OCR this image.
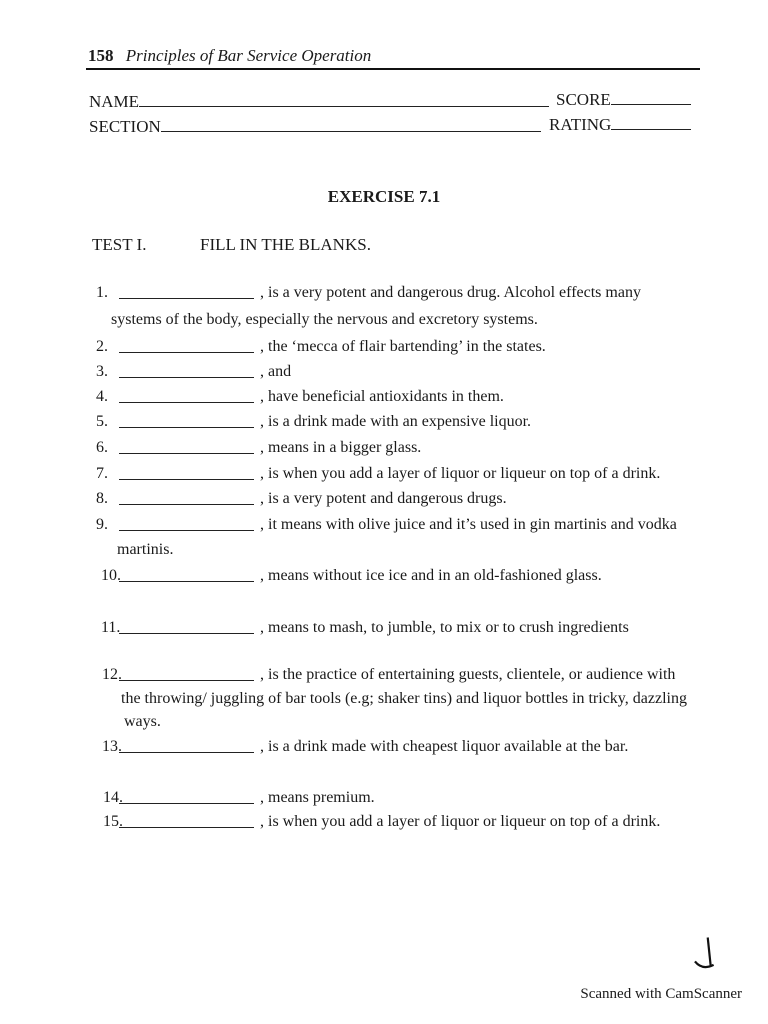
158 Principles of Bar Service Operation
NAME	SCORE
SECTION	RATING
EXERCISE 7.1
TEST I.	FILL IN THE BLANKS.
1.	, is a very potent and dangerous drug. Alcohol effects many
systems of the body, especially the nervous and excretory systems.
2.	, the ‘mecca of flair bartending’ in the states.
3.	, and
4.	, have beneficial antioxidants in them.
5.	, is a drink made with an expensive liquor.
6.	, means in a bigger glass.
7.	, is when you add a layer of liquor or liqueur on top of a drink.
8.	, is a very potent and dangerous drugs.
9.	, it means with olive juice and it’s used in gin martinis and vodka
martinis.
10.	, means without ice ice and in an old-fashioned glass.
11.	, means to mash, to jumble, to mix or to crush ingredients
12.	, is the practice of entertaining guests, clientele, or audience with
the throwing/ juggling of bar tools (e.g; shaker tins) and liquor bottles in tricky, dazzling
ways.
13.	, is a drink made with cheapest liquor available at the bar.
14.	, means premium.
15.	, is when you add a layer of liquor or liqueur on top of a drink.
Scanned with CamScanner
